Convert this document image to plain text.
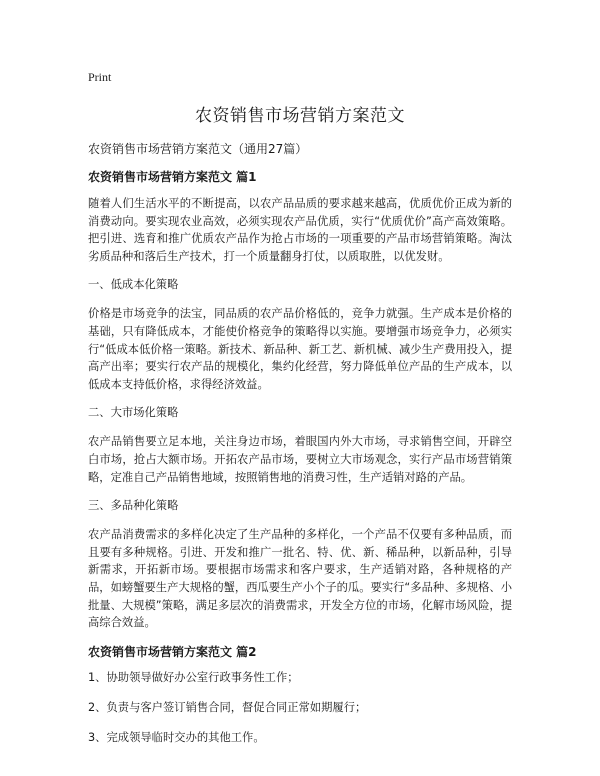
Print
农资销售市场营销方案范文
农资销售市场营销方案范文（通用27篇）
农资销售市场营销方案范文 篇1

随着人们生活水平的不断提高，以农产品品质的要求越来越高，优质优价正成为新的消费动向。要实现农业高效，必须实现农产品优质，实行“优质优价”高产高效策略。把引进、选育和推广优质农产品作为抢占市场的一项重要的产品市场营销策略。淘汰劣质品种和落后生产技术，打一个质量翻身打仗，以质取胜，以优发财。

一、低成本化策略

价格是市场竞争的法宝，同品质的农产品价格低的，竞争力就强。生产成本是价格的基础，只有降低成本，才能使价格竞争的策略得以实施。要增强市场竞争力，必须实行“低成本低价格一策略。新技术、新品种、新工艺、新机械、减少生产费用投入，提高产出率；要实行农产品的规模化，集约化经营，努力降低单位产品的生产成本，以低成本支持低价格，求得经济效益。

二、大市场化策略

农产品销售要立足本地，关注身边市场，着眼国内外大市场，寻求销售空间，开辟空白市场，抢占大额市场。开拓农产品市场，要树立大市场观念，实行产品市场营销策略，定准自己产品销售地域，按照销售地的消费习性，生产适销对路的产品。

三、多品种化策略

农产品消费需求的多样化决定了生产品种的多样化，一个产品不仅要有多种品质，而且要有多种规格。引进、开发和推广一批名、特、优、新、稀品种，以新品种，引导新需求，开拓新市场。要根据市场需求和客户要求，生产适销对路，各种规格的产品，如螃蟹要生产大规格的蟹，西瓜要生产小个子的瓜。要实行“多品种、多规格、小批量、大规模”策略，满足多层次的消费需求，开发全方位的市场，化解市场风险，提高综合效益。

农资销售市场营销方案范文 篇2
1、协助领导做好办公室行政事务性工作；
2、负责与客户签订销售合同，督促合同正常如期履行；
3、完成领导临时交办的其他工作。
